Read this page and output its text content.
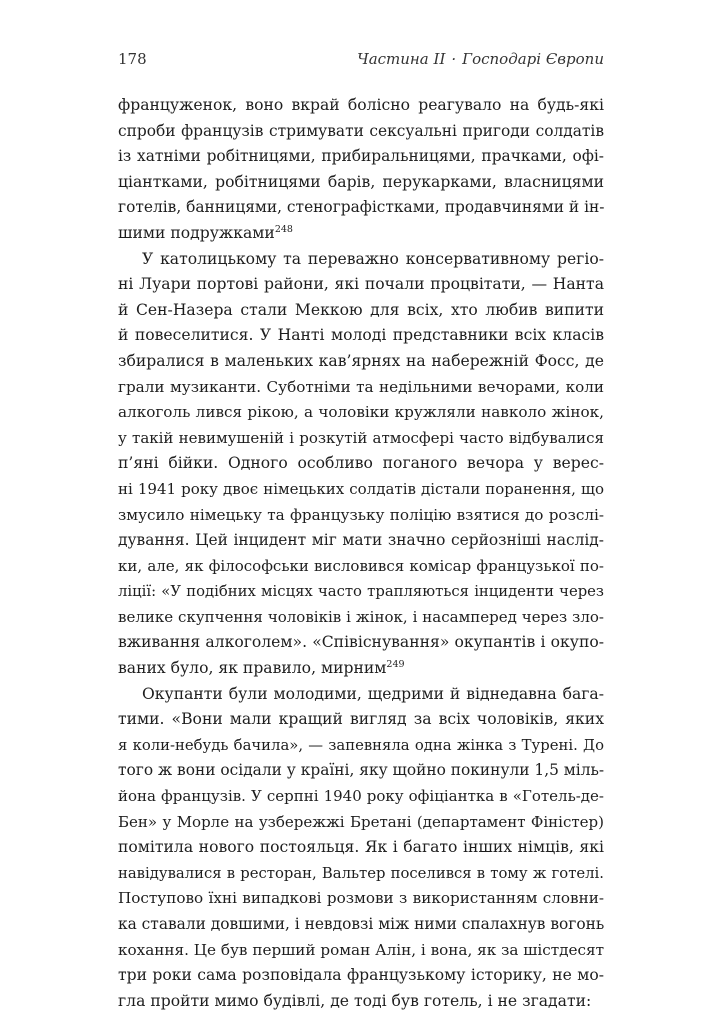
178	Частина II · Господарі Європи
француженок, воно вкрай болісно реагувало на будь-які
спроби французів стримувати сексуальні пригоди солдатів
із хатніми робітницями, прибиральницями, прачками, офі-
ціантками, робітницями барів, перукарками, власницями
готелів, банницями, стенографістками, продавчинями й ін-
шими подружками$^{248}$
У католицькому та переважно консервативному регіо-
ні Луари портові райони, які почали процвітати, — Нанта
й Сен-Назера стали Меккою для всіх, хто любив випити
й повеселитися. У Нанті молоді представники всіх класів
збиралися в маленьких кав’ярнях на набережній Фосс, де
грали музиканти. Суботніми та недільними вечорами, коли
алкоголь лився рікою, а чоловіки кружляли навколо жінок,
у такій невимушеній і розкутій атмосфері часто відбувалися
п’яні бійки. Одного особливо поганого вечора у верес-
ні 1941 року двоє німецьких солдатів дістали поранення, що
змусило німецьку та французьку поліцію взятися до розслі-
дування. Цей інцидент міг мати значно серйозніші наслід-
ки, але, як філософськи висловився комісар французької по-
ліції: «У подібних місцях часто трапляються інциденти через
велике скупчення чоловіків і жінок, і насамперед через зло-
вживання алкоголем». «Співіснування» окупантів і окупо-
ваних було, як правило, мирним$^{249}$
Окупанти були молодими, щедрими й віднедавна бага-
тими. «Вони мали кращий вигляд за всіх чоловіків, яких
я коли-небудь бачила», — запевняла одна жінка з Турені. До
того ж вони осідали у країні, яку щойно покинули 1,5 міль-
йона французів. У серпні 1940 року офіціантка в «Готель-де-
Бен» у Морле на узбережжі Бретані (департамент Фіністер)
помітила нового постояльця. Як і багато інших німців, які
навідувалися в ресторан, Вальтер поселився в тому ж готелі.
Поступово їхні випадкові розмови з використанням словни-
ка ставали довшими, і невдовзі між ними спалахнув вогонь
кохання. Це був перший роман Алін, і вона, як за шістдесят
три роки сама розповідала французькому історику, не мо-
гла пройти мимо будівлі, де тоді був готель, і не згадати:
